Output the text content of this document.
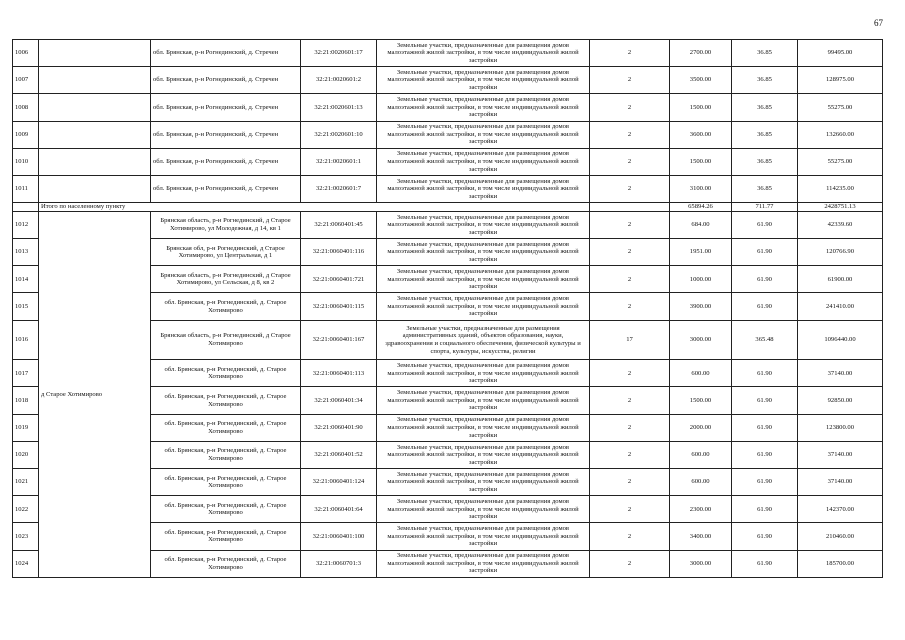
67
1006		обл. Брянская, р-н Рогнединский, д. Стречен	32:21:0020601:17	Земельные участки, предназначенные для размещения домов малоэтажной жилой застройки, в том числе индивидуальной жилой застройки	2	2700.00	36.85	99495.00
1007		обл. Брянская, р-н Рогнединский, д. Стречен	32:21:0020601:2	Земельные участки, предназначенные для размещения домов малоэтажной жилой застройки, в том числе индивидуальной жилой застройки	2	3500.00	36.85	128975.00
1008		обл. Брянская, р-н Рогнединский, д. Стречен	32:21:0020601:13	Земельные участки, предназначенные для размещения домов малоэтажной жилой застройки, в том числе индивидуальной жилой застройки	2	1500.00	36.85	55275.00
1009		обл. Брянская, р-н Рогнединский, д. Стречен	32:21:0020601:10	Земельные участки, предназначенные для размещения домов малоэтажной жилой застройки, в том числе индивидуальной жилой застройки	2	3600.00	36.85	132660.00
1010		обл. Брянская, р-н Рогнединский, д. Стречен	32:21:0020601:1	Земельные участки, предназначенные для размещения домов малоэтажной жилой застройки, в том числе индивидуальной жилой застройки	2	1500.00	36.85	55275.00
1011		обл. Брянская, р-н Рогнединский, д. Стречен	32:21:0020601:7	Земельные участки, предназначенные для размещения домов малоэтажной жилой застройки, в том числе индивидуальной жилой застройки	2	3100.00	36.85	114235.00
	Итого по населенному пункту					65894.26	711.77	2428751.13
1012	д Старое Хотимирово	Брянская область, р-н Рогнединский, д Старое Хотимирово, ул Молодежная, д 14, кв 1	32:21:0060401:45	Земельные участки, предназначенные для размещения домов малоэтажной жилой застройки, в том числе индивидуальной жилой застройки	2	684.00	61.90	42339.60
1013		Брянская обл, р-н Рогнединский, д Старое Хотимирово, ул Центральная, д 1	32:21:0060401:116	Земельные участки, предназначенные для размещения домов малоэтажной жилой застройки, в том числе индивидуальной жилой застройки	2	1951.00	61.90	120766.90
1014		Брянская область, р-н Рогнединский, д Старое Хотимирово, ул Сельская, д 8, кв 2	32:21:0060401:721	Земельные участки, предназначенные для размещения домов малоэтажной жилой застройки, в том числе индивидуальной жилой застройки	2	1000.00	61.90	61900.00
1015		обл. Брянская, р-н Рогнединский, д. Старое Хотимирово	32:21:0060401:115	Земельные участки, предназначенные для размещения домов малоэтажной жилой застройки, в том числе индивидуальной жилой застройки	2	3900.00	61.90	241410.00
1016		Брянская область, р-н Рогнединский, д Старое Хотимирово	32:21:0060401:167	Земельные участки, предназначенные для размещения административных зданий, объектов образования, науки, здравоохранения и социального обеспечения, физической культуры и спорта, культуры, искусства, религии	17	3000.00	365.48	1096440.00
1017		обл. Брянская, р-н Рогнединский, д. Старое Хотимирово	32:21:0060401:113	Земельные участки, предназначенные для размещения домов малоэтажной жилой застройки, в том числе индивидуальной жилой застройки	2	600.00	61.90	37140.00
1018		обл. Брянская, р-н Рогнединский, д. Старое Хотимирово	32:21:0060401:34	Земельные участки, предназначенные для размещения домов малоэтажной жилой застройки, в том числе индивидуальной жилой застройки	2	1500.00	61.90	92850.00
1019		обл. Брянская, р-н Рогнединский, д. Старое Хотимирово	32:21:0060401:90	Земельные участки, предназначенные для размещения домов малоэтажной жилой застройки, в том числе индивидуальной жилой застройки	2	2000.00	61.90	123800.00
1020		обл. Брянская, р-н Рогнединский, д. Старое Хотимирово	32:21:0060401:52	Земельные участки, предназначенные для размещения домов малоэтажной жилой застройки, в том числе индивидуальной жилой застройки	2	600.00	61.90	37140.00
1021		обл. Брянская, р-н Рогнединский, д. Старое Хотимирово	32:21:0060401:124	Земельные участки, предназначенные для размещения домов малоэтажной жилой застройки, в том числе индивидуальной жилой застройки	2	600.00	61.90	37140.00
1022		обл. Брянская, р-н Рогнединский, д. Старое Хотимирово	32:21:0060401:64	Земельные участки, предназначенные для размещения домов малоэтажной жилой застройки, в том числе индивидуальной жилой застройки	2	2300.00	61.90	142370.00
1023		обл. Брянская, р-н Рогнединский, д. Старое Хотимирово	32:21:0060401:100	Земельные участки, предназначенные для размещения домов малоэтажной жилой застройки, в том числе индивидуальной жилой застройки	2	3400.00	61.90	210460.00
1024		обл. Брянская, р-н Рогнединский, д. Старое Хотимирово	32:21:0060701:3	Земельные участки, предназначенные для размещения домов малоэтажной жилой застройки, в том числе индивидуальной жилой застройки	2	3000.00	61.90	185700.00
